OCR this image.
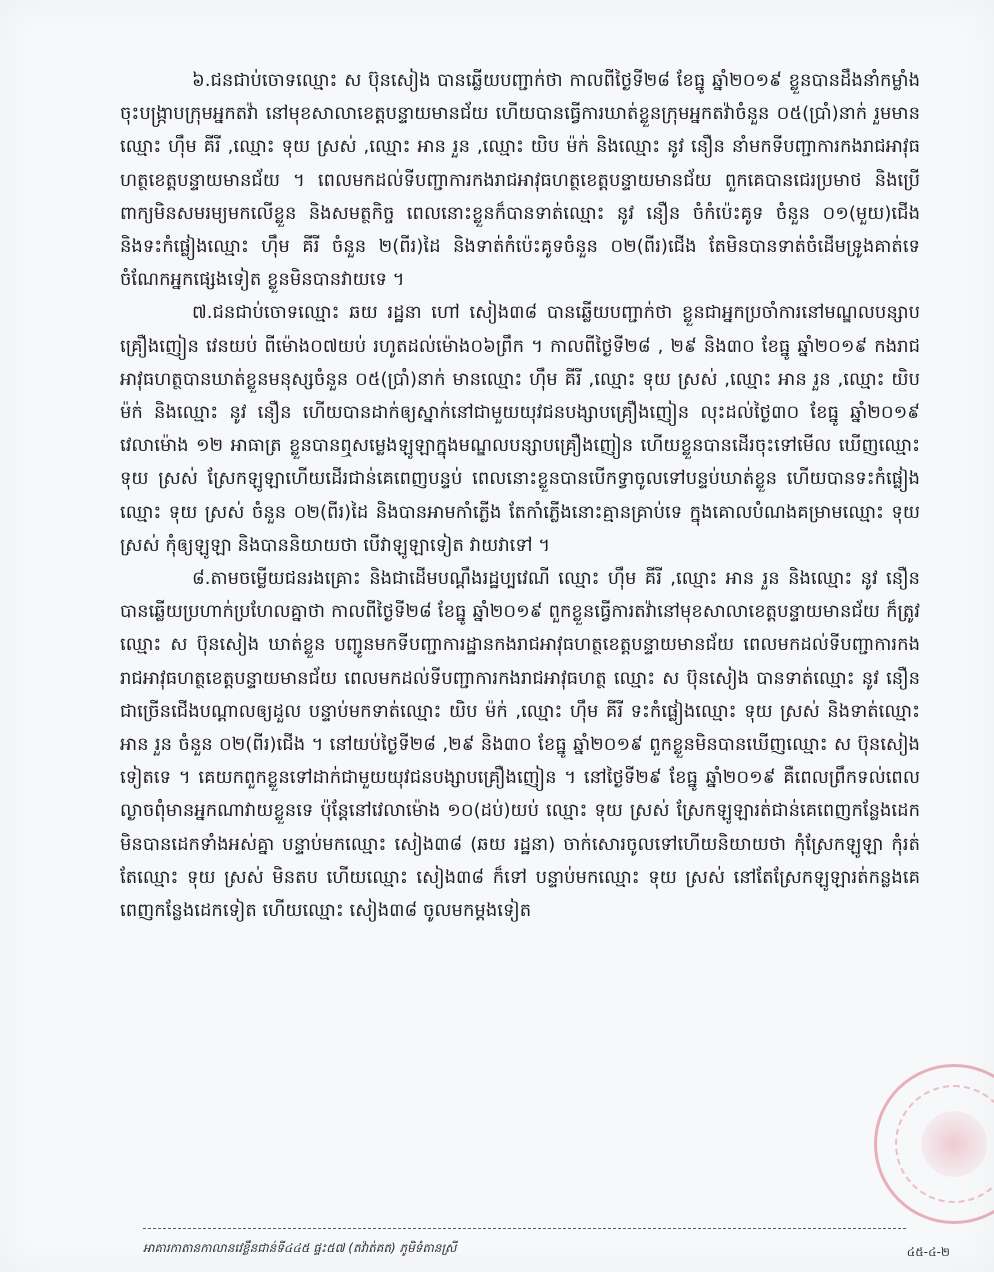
៦.ជនជាប់ចោទឈ្មោះ ស ប៊ុនសៀង បានឆ្លើយបញ្ជាក់ថា កាលពីថ្ងៃទី២៨ ខែធ្នូ ឆ្នាំ២០១៩ ខ្លួនបានដឹងនាំកម្លាំងចុះបង្ក្រាបក្រុមអ្នកតវ៉ា នៅមុខសាលាខេត្តបន្ទាយមានជ័យ ហើយបានធ្វើការឃាត់ខ្លួនក្រុមអ្នកតវ៉ាចំនួន ០៥(ប្រាំ)នាក់ រួមមានឈ្មោះ ហ៊ឹម គីរី ,ឈ្មោះ ទុយ ស្រស់ ,ឈ្មោះ អាន រួន ,ឈ្មោះ យិប ម៉ក់ និងឈ្មោះ នូវ នឿន នាំមកទីបញ្ជាការកងរាជអាវុធហត្ថខេត្តបន្ទាយមានជ័យ ។ ពេលមកដល់ទីបញ្ជាការកងរាជអាវុធហត្ថខេត្តបន្ទាយមានជ័យ ពួកគេបានជេរប្រមាថ និងប្រើពាក្យមិនសមរម្យមកលើខ្លួន និងសមត្ថកិច្ច ពេលនោះខ្លួនក៏បានទាត់ឈ្មោះ នូវ នឿន ចំកំប៉េះគូទ ចំនួន ០១(មួយ)ជើង និងទះកំផ្លៀងឈ្មោះ ហ៊ឹម គីរី ចំនួន ២(ពីរ)ដៃ និងទាត់កំប៉េះគូទចំនួន ០២(ពីរ)ជើង តែមិនបានទាត់ចំដើមទ្រូងគាត់ទេ ចំណែកអ្នកផ្សេងទៀត ខ្លួនមិនបានវាយទេ ។

៧.ជនជាប់ចោទឈ្មោះ ឆយ រដ្ឋនា ហៅ សៀង៣៨ បានឆ្លើយបញ្ជាក់ថា ខ្លួនជាអ្នកប្រចាំការនៅមណ្ឌលបន្សាបគ្រឿងញៀន វេនយប់ ពីម៉ោង០៧យប់ រហូតដល់ម៉ោង០៦ព្រឹក ។ កាលពីថ្ងៃទី២៨ , ២៩ និង៣០ ខែធ្នូ ឆ្នាំ២០១៩ កងរាជអាវុធហត្ថបានឃាត់ខ្លួនមនុស្សចំនួន ០៥(ប្រាំ)នាក់ មានឈ្មោះ ហ៊ឹម គីរី ,ឈ្មោះ ទុយ ស្រស់ ,ឈ្មោះ អាន រួន ,ឈ្មោះ យិប ម៉ក់ និងឈ្មោះ នូវ នឿន ហើយបានដាក់ឲ្យស្នាក់នៅជាមួយយុវជនបង្សាបគ្រឿងញៀន លុះដល់ថ្ងៃ៣០ ខែធ្នូ ឆ្នាំ២០១៩ វេលាម៉ោង ១២ អាធាត្រ ខ្លួនបានឮសម្លេងឡូឡាក្នុងមណ្ឌលបន្សាបគ្រឿងញៀន ហើយខ្លួនបានដើរចុះទៅមើល ឃើញឈ្មោះ ទុយ ស្រស់ ស្រែកឡូឡាហើយដើរជាន់គេពេញបន្ទប់ ពេលនោះខ្លួនបានបើកទ្វាចូលទៅបន្ទប់ឃាត់ខ្លួន ហើយបានទះកំផ្លៀងឈ្មោះ ទុយ ស្រស់ ចំនួន ០២(ពីរ)ដៃ និងបានអាមកាំភ្លើង តែកាំភ្លើងនោះគ្មានគ្រាប់ទេ ក្នុងគោលបំណងគម្រាមឈ្មោះ ទុយ ស្រស់ កុំឲ្យឡូឡា និងបាននិយាយថា បើវាឡូឡាទៀត វាយវាទៅ ។

៨.តាមចម្លើយជនរងគ្រោះ និងជាដើមបណ្តឹងរដ្ឋប្បវេណី ឈ្មោះ ហ៊ឹម គីរី ,ឈ្មោះ អាន រួន និងឈ្មោះ នូវ នឿន បានឆ្លើយប្រហាក់ប្រហែលគ្នាថា កាលពីថ្ងៃទី២៨ ខែធ្នូ ឆ្នាំ២០១៩ ពួកខ្លួនធ្វើការតវ៉ានៅមុខសាលាខេត្តបន្ទាយមានជ័យ ក៏ត្រូវឈ្មោះ ស ប៊ុនសៀង ឃាត់ខ្លួន បញ្ជូនមកទីបញ្ជាការដ្ឋានកងរាជអាវុធហត្ថខេត្តបន្ទាយមានជ័យ ពេលមកដល់ទីបញ្ជាការកងរាជអាវុធហត្ថខេត្តបន្ទាយមានជ័យ ពេលមកដល់ទីបញ្ជាការកងរាជអាវុធហត្ថ ឈ្មោះ ស ប៊ុនសៀង បានទាត់ឈ្មោះ នូវ នឿន ជាច្រើនជើងបណ្តាលឲ្យដួល បន្ទាប់មកទាត់ឈ្មោះ យិប ម៉ក់ ,ឈ្មោះ ហ៊ឹម គីរី ទះកំផ្លៀងឈ្មោះ ទុយ ស្រស់ និងទាត់ឈ្មោះ អាន រួន ចំនួន ០២(ពីរ)ជើង ។ នៅយប់ថ្ងៃទី២៨ ,២៩ និង៣០ ខែធ្នូ ឆ្នាំ២០១៩ ពួកខ្លួនមិនបានឃើញឈ្មោះ ស ប៊ុនសៀង ទៀតទេ ។ គេយកពួកខ្លួនទៅដាក់ជាមួយយុវជនបង្សាបគ្រឿងញៀន ។ នៅថ្ងៃទី២៩ ខែធ្នូ ឆ្នាំ២០១៩ គឺពេលព្រឹកទល់ពេលល្ងាចពុំមានអ្នកណាវាយខ្លួនទេ ប៉ុន្តែនៅវេលាម៉ោង ១០(ដប់)យប់ ឈ្មោះ ទុយ ស្រស់ ស្រែកឡូឡារត់ជាន់គេពេញកន្លែងដេក មិនបានដេកទាំងអស់គ្នា បន្ទាប់មកឈ្មោះ សៀង៣៨ (ឆយ រដ្ឋនា) ចាក់សោរចូលទៅហើយនិយាយថា កុំស្រែកឡូឡា កុំរត់ តែឈ្មោះ ទុយ ស្រស់ មិនតប ហើយឈ្មោះ សៀង៣៨ ក៏ទៅ បន្ទាប់មកឈ្មោះ ទុយ ស្រស់ នៅតែស្រែកឡូឡារត់កន្លងគេពេញកន្លែងដេកទៀត ហើយឈ្មោះ សៀង៣៨ ចូលមកម្តងទៀត

អាគារកាតានកាលានវេខ្លឹនជាន់ទី៤៤៥ ផ្ទះ៥៧ (តវ៉ាត់គត) ភូមិទំតានស្រី	៤៥-៤-២
